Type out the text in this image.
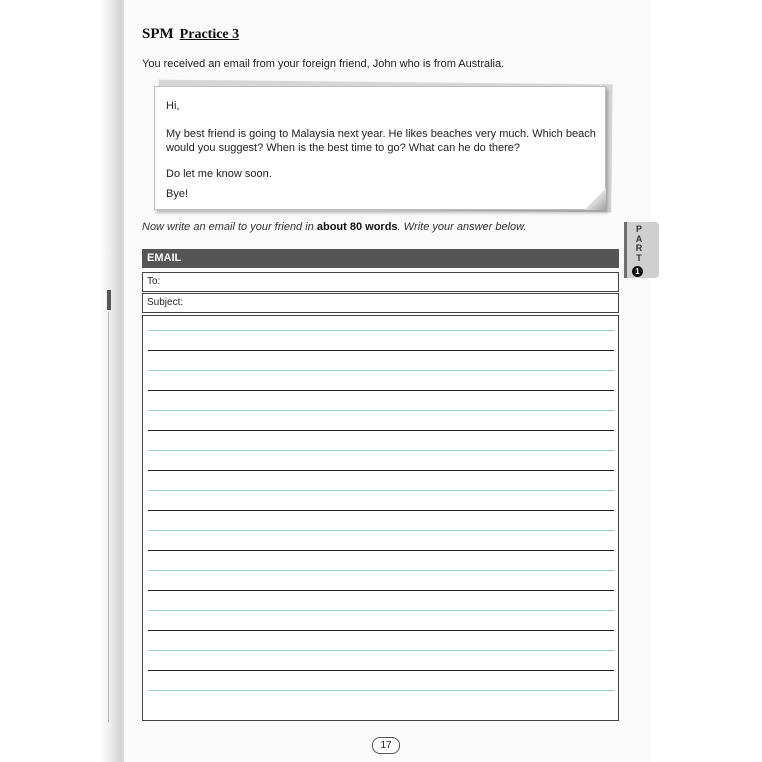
SPM Practice 3
You received an email from your foreign friend, John who is from Australia.

Hi,

My best friend is going to Malaysia next year. He likes beaches very much. Which beach would you suggest? When is the best time to go? What can he do there?

Do let me know soon.

Bye!

Now write an email to your friend in about 80 words. Write your answer below.
EMAIL
To:
Subject:
P
A
R
T
1
17
